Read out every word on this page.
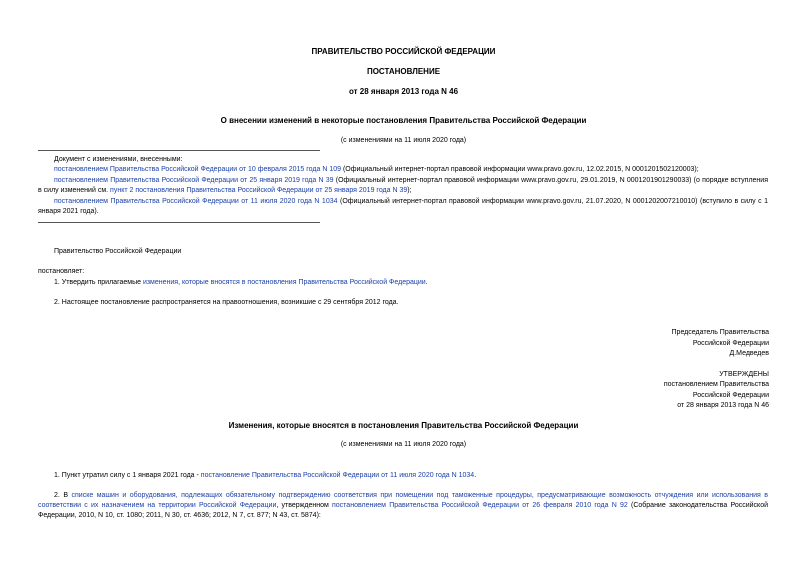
ПРАВИТЕЛЬСТВО РОССИЙСКОЙ ФЕДЕРАЦИИ
ПОСТАНОВЛЕНИЕ
от 28 января 2013 года N 46
О внесении изменений в некоторые постановления Правительства Российской Федерации
(с изменениями на 11 июля 2020 года)
Документ с изменениями, внесенными:
постановлением Правительства Российской Федерации от 10 февраля 2015 года N 109 (Официальный интернет-портал правовой информации www.pravo.gov.ru, 12.02.2015, N 0001201502120003);
постановлением Правительства Российской Федерации от 25 января 2019 года N 39 (Официальный интернет-портал правовой информации www.pravo.gov.ru, 29.01.2019, N 0001201901290033) (о порядке вступления в силу изменений см. пункт 2 постановления Правительства Российской Федерации от 25 января 2019 года N 39);
постановлением Правительства Российской Федерации от 11 июля 2020 года N 1034 (Официальный интернет-портал правовой информации www.pravo.gov.ru, 21.07.2020, N 0001202007210010) (вступило в силу с 1 января 2021 года).
Правительство Российской Федерации
постановляет:
1. Утвердить прилагаемые изменения, которые вносятся в постановления Правительства Российской Федерации.
2. Настоящее постановление распространяется на правоотношения, возникшие с 29 сентября 2012 года.
Председатель Правительства
Российской Федерации
Д.Медведев
УТВЕРЖДЕНЫ
постановлением Правительства
Российской Федерации
от 28 января 2013 года N 46
Изменения, которые вносятся в постановления Правительства Российской Федерации
(с изменениями на 11 июля 2020 года)
1. Пункт утратил силу с 1 января 2021 года - постановление Правительства Российской Федерации от 11 июля 2020 года N 1034.
2. В списке машин и оборудования, подлежащих обязательному подтверждению соответствия при помещении под таможенные процедуры, предусматривающие возможность отчуждения или использования в соответствии с их назначением на территории Российской Федерации, утвержденном постановлением Правительства Российской Федерации от 26 февраля 2010 года N 92 (Собрание законодательства Российской Федерации, 2010, N 10, ст. 1080; 2011, N 30, ст. 4636; 2012, N 7, ст. 877; N 43, ст. 5874):
